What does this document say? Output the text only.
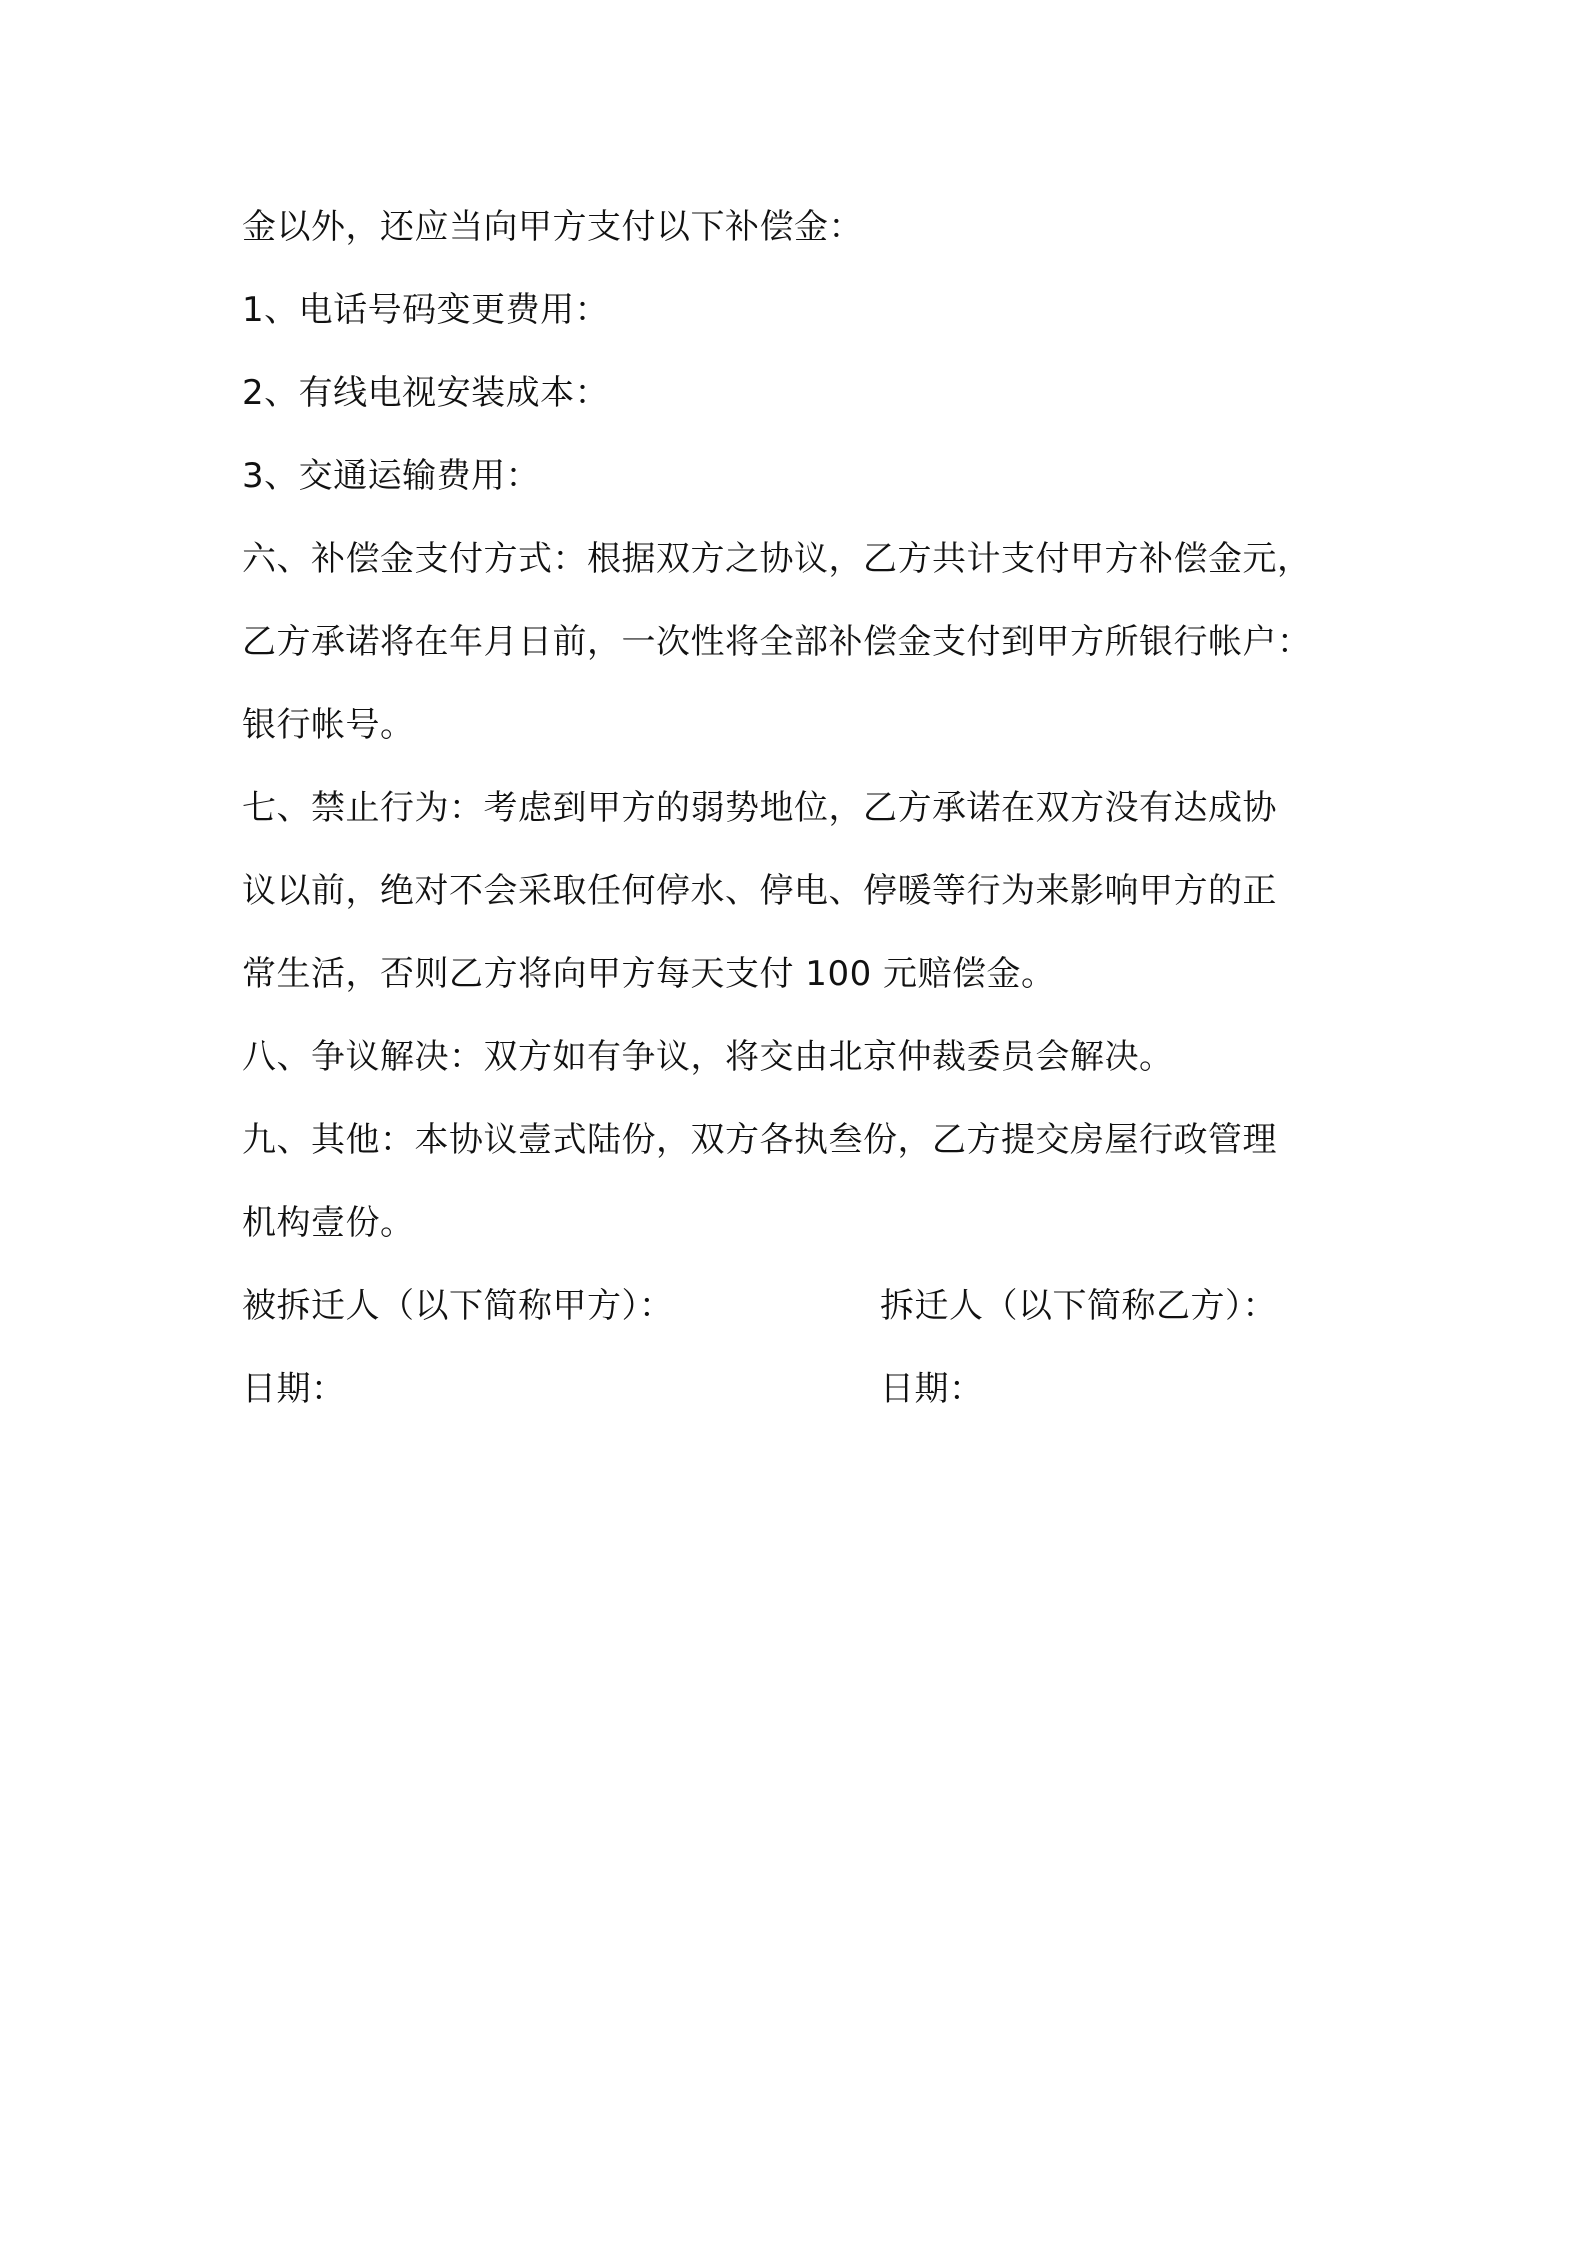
金以外，还应当向甲方支付以下补偿金：
1、电话号码变更费用：
2、有线电视安装成本：
3、交通运输费用：
六、补偿金支付方式：根据双方之协议，乙方共计支付甲方补偿金元，
乙方承诺将在年月日前，一次性将全部补偿金支付到甲方所银行帐户：
银行帐号。
七、禁止行为：考虑到甲方的弱势地位，乙方承诺在双方没有达成协
议以前，绝对不会采取任何停水、停电、停暖等行为来影响甲方的正
常生活，否则乙方将向甲方每天支付 100 元赔偿金。
八、争议解决：双方如有争议，将交由北京仲裁委员会解决。
九、其他：本协议壹式陆份，双方各执叁份，乙方提交房屋行政管理
机构壹份。
被拆迁人（以下简称甲方）：	拆迁人（以下简称乙方）：
日期：	日期：
